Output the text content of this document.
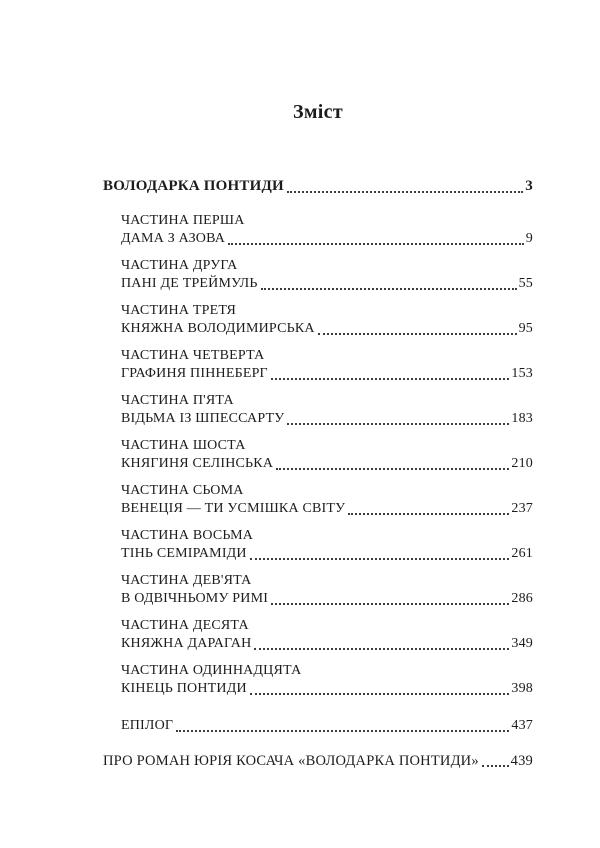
Зміст
ВОЛОДАРКА ПОНТИДИ	3
ЧАСТИНА ПЕРША
ДАМА З АЗОВА	9
ЧАСТИНА ДРУГА
ПАНІ ДЕ ТРЕЙМУЛЬ	55
ЧАСТИНА ТРЕТЯ
КНЯЖНА ВОЛОДИМИРСЬКА	95
ЧАСТИНА ЧЕТВЕРТА
ГРАФИНЯ ПІННЕБЕРГ	153
ЧАСТИНА П'ЯТА
ВІДЬМА ІЗ ШПЕССАРТУ	183
ЧАСТИНА ШОСТА
КНЯГИНЯ СЕЛІНСЬКА	210
ЧАСТИНА СЬОМА
ВЕНЕЦІЯ — ТИ УСМІШКА СВІТУ	237
ЧАСТИНА ВОСЬМА
ТІНЬ СЕМІРАМІДИ	261
ЧАСТИНА ДЕВ'ЯТА
В ОДВІЧНЬОМУ РИМІ	286
ЧАСТИНА ДЕСЯТА
КНЯЖНА ДАРАГАН	349
ЧАСТИНА ОДИННАДЦЯТА
КІНЕЦЬ ПОНТИДИ	398
ЕПІЛОГ	437
ПРО РОМАН ЮРІЯ КОСАЧА «ВОЛОДАРКА ПОНТИДИ» 439
